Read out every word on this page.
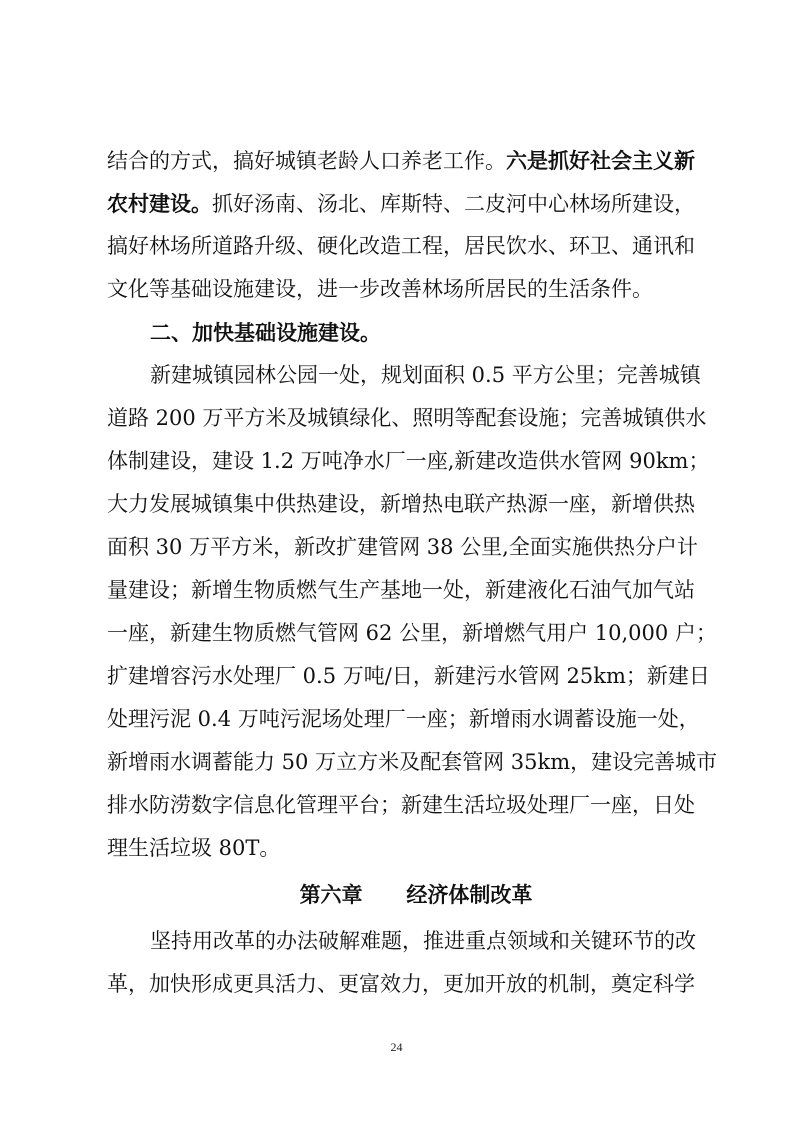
结合的方式，搞好城镇老龄人口养老工作。六是抓好社会主义新
农村建设。抓好汤南、汤北、库斯特、二皮河中心林场所建设，
搞好林场所道路升级、硬化改造工程，居民饮水、环卫、通讯和
文化等基础设施建设，进一步改善林场所居民的生活条件。
二、加快基础设施建设。
新建城镇园林公园一处，规划面积 0.5 平方公里；完善城镇
道路 200 万平方米及城镇绿化、照明等配套设施；完善城镇供水
体制建设，建设 1.2 万吨净水厂一座,新建改造供水管网 90km；
大力发展城镇集中供热建设，新增热电联产热源一座，新增供热
面积 30 万平方米，新改扩建管网 38 公里,全面实施供热分户计
量建设；新增生物质燃气生产基地一处，新建液化石油气加气站
一座，新建生物质燃气管网 62 公里，新增燃气用户 10,000 户；
扩建增容污水处理厂 0.5 万吨/日，新建污水管网 25km；新建日
处理污泥 0.4 万吨污泥场处理厂一座；新增雨水调蓄设施一处，
新增雨水调蓄能力 50 万立方米及配套管网 35km，建设完善城市
排水防涝数字信息化管理平台；新建生活垃圾处理厂一座，日处
理生活垃圾 80T。
第六章      经济体制改革
坚持用改革的办法破解难题，推进重点领域和关键环节的改
革，加快形成更具活力、更富效力，更加开放的机制，奠定科学
24
